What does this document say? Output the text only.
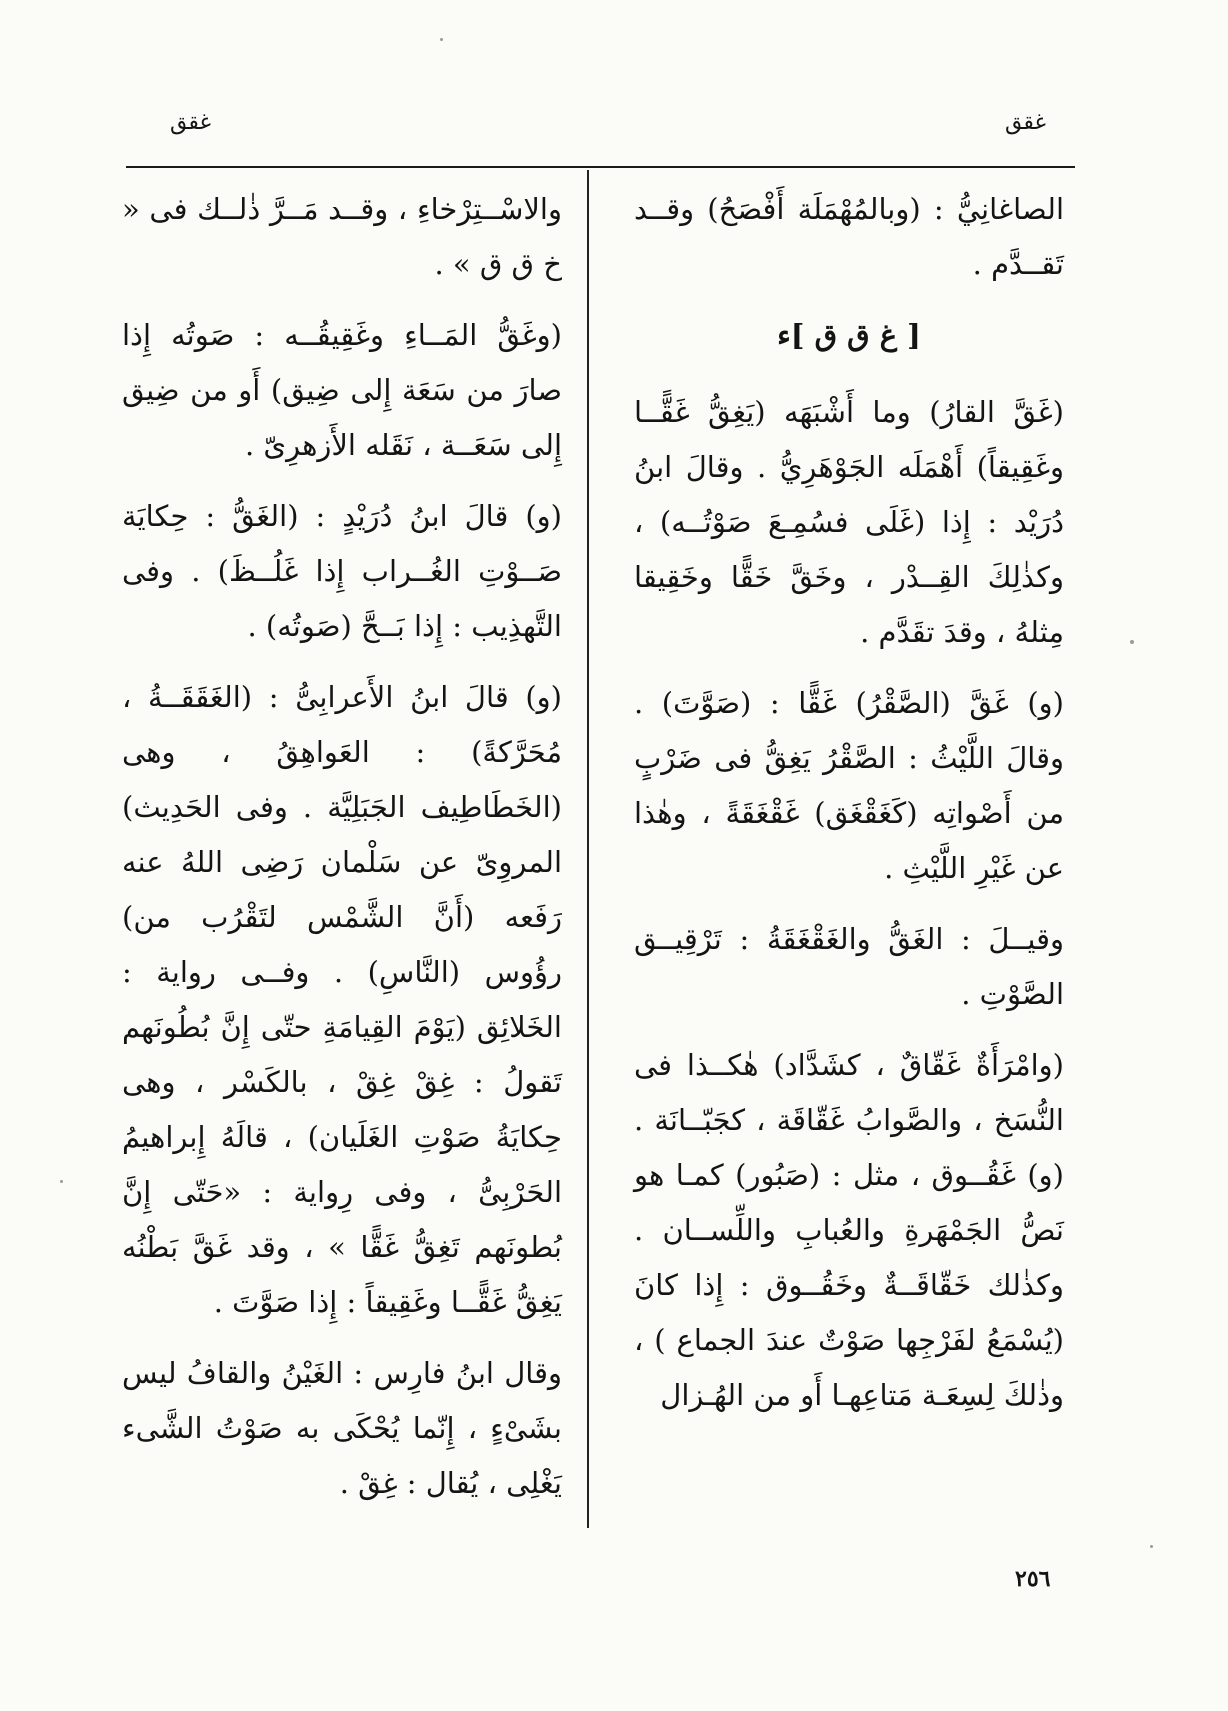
غقق
غقق

الصاغانِيُّ : (وبالمُهْمَلَة أَفْصَحُ) وقــد تَقــدَّم .

[ غ ق ق ]ء

(غَقَّ القارُ) وما أَشْبَهَه (يَغِقُّ غَقًّــا وغَقِيقاً) أَهْمَلَه الجَوْهَرِيُّ . وقالَ ابنُ دُرَيْد : إِذا (غَلَى فسُمِـعَ صَوْتُــه) ، وكذٰلِكَ القِــدْر ، وخَقَّ خَقًّا وخَقِيقا مِثلهُ ، وقدَ تقَدَّم .

(و) غَقَّ (الصَّقْرُ) غَقًّا : (صَوَّتَ) . وقالَ اللَّيْثُ : الصَّقْرُ يَغِقُّ فى ضَرْبٍ من أَصْواتِه (كَغَقْغَق) غَقْغَقَةً ، وهٰذا عن غَيْرِ اللَّيْثِ .

وقيــلَ : الغَقُّ والغَقْغَقَةُ : تَرْقِيــق الصَّوْتِ .

(وامْرَأَةٌ غَقّاقٌ ، كشَدَّاد) هٰكــذا فى النُّسَخ ، والصَّوابُ غَقّاقَة ، كجَبّــانَة . (و) غَقُــوق ، مثل : (صَبُور) كمـا هو نَصُّ الجَمْهَرةِ والعُبابِ واللِّســان . وكذٰلك خَقّاقَــةٌ وخَقُــوق : إِذا كانَ (يُسْمَعُ لفَرْجِها صَوْتٌ عندَ الجماع ) ، وذٰلكَ لِسِعَـة مَتاعِهـا أَو من الهُـزال

والاسْــتِرْخاءِ ، وقــد مَــرَّ ذٰلــك فى « خ ق ق » .

(وغَقُّ المَــاءِ وغَقِيقُــه : صَوتُه إِذا صارَ من سَعَة إِلى ضِيق) أَو من ضِيق إِلى سَعَــة ، نَقَله الأَزهرِىّ .

(و) قالَ ابنُ دُرَيْدٍ : (الغَقُّ : حِكايَة صَــوْتِ الغُــراب إِذا غَلُــظَ) . وفى التَّهذِيب : إِذا بَــحَّ (صَوتُه) .

(و) قالَ ابنُ الأَعرابِىُّ : (الغَقَقَــةُ ، مُحَرَّكةً) : العَواهِقُ ، وهى (الخَطَاطِيف الجَبَلِيَّة . وفى الحَدِيث) المروِىّ عن سَلْمان رَضِى اللهُ عنه رَفَعه (أَنَّ الشَّمْس لتَقْرُب من) رؤُوس (النَّاسِ) . وفــى رواية : الخَلائِق (يَوْمَ القِيامَةِ حتّى إِنَّ بُطُونَهم تَقولُ : غِقْ غِقْ ، بالكَسْر ، وهى حِكايَةُ صَوْتِ الغَلَيان) ، قالَهُ إِبراهيمُ الحَرْبِىُّ ، وفى رِواية : «حَتّى إِنَّ بُطونَهم تَغِقُّ غَقًّا » ، وقد غَقَّ بَطْنُه يَغِقُّ غَقًّــا وغَقِيقاً : إِذا صَوَّتَ .

وقال ابنُ فارِس : الغَيْنُ والقافُ ليس بشَىْءٍ ، إِنّما يُحْكَى به صَوْتُ الشَّىء يَغْلِى ، يُقال : غِقْ .

٢٥٦
